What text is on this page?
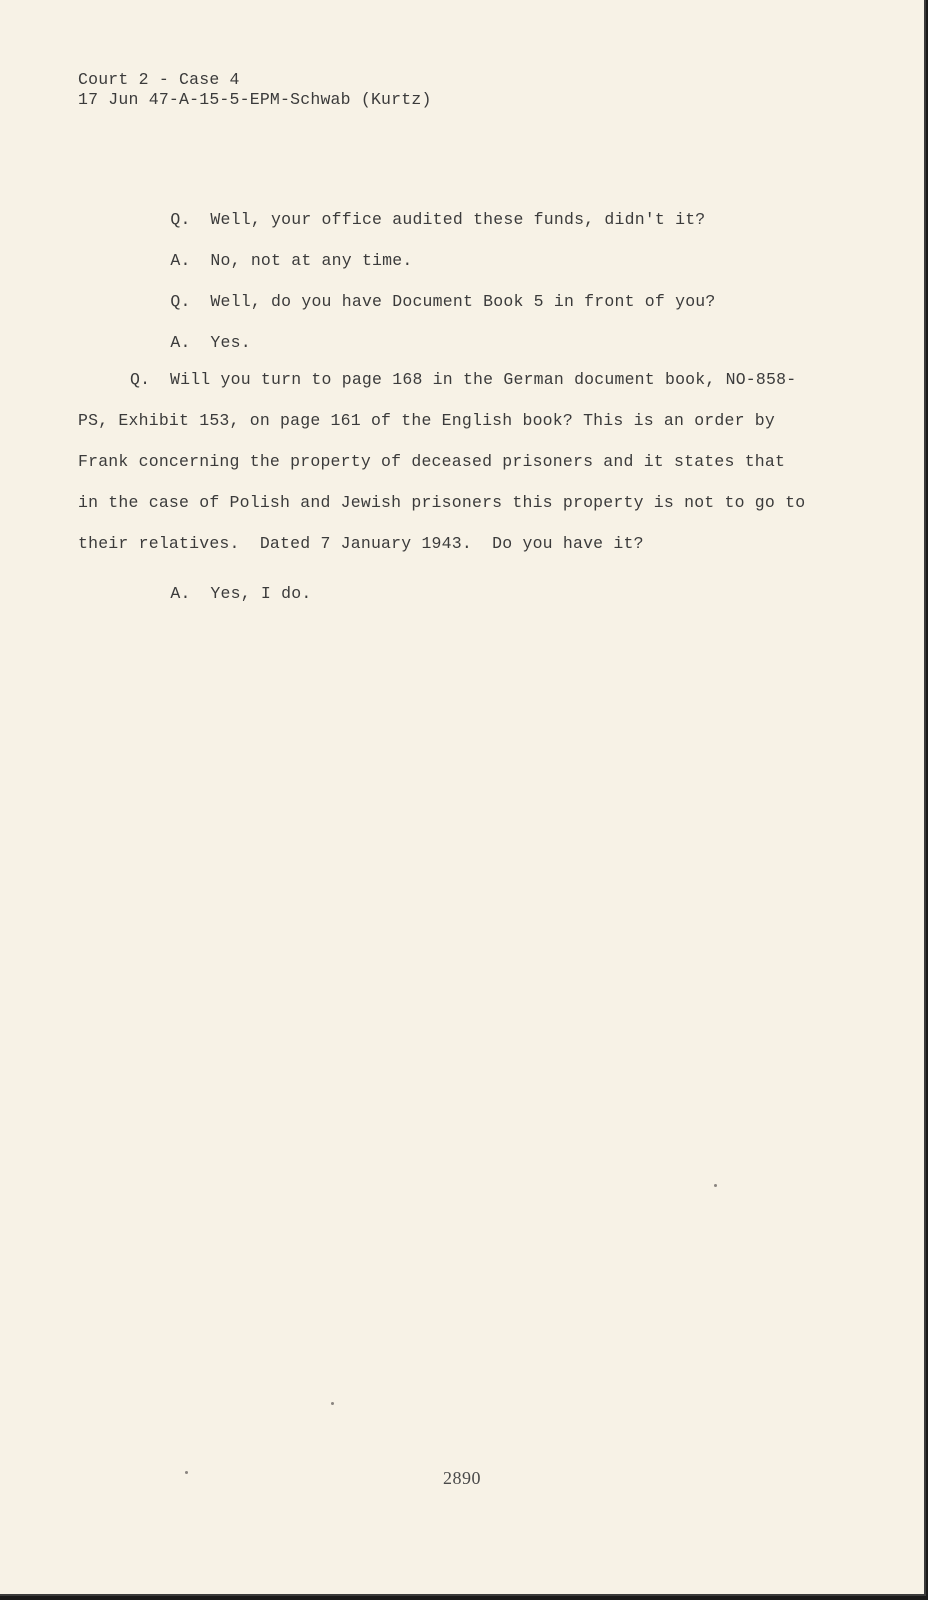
Court 2 - Case 4
17 Jun 47-A-15-5-EPM-Schwab (Kurtz)

Q. Well, your office audited these funds, didn't it?

A. No, not at any time.

Q. Well, do you have Document Book 5 in front of you?

A. Yes.

Q. Will you turn to page 168 in the German document book, NO-858-
PS, Exhibit 153, on page 161 of the English book? This is an order by
Frank concerning the property of deceased prisoners and it states that
in the case of Polish and Jewish prisoners this property is not to go to
their relatives.  Dated 7 January 1943.  Do you have it?

A. Yes, I do.

2890
